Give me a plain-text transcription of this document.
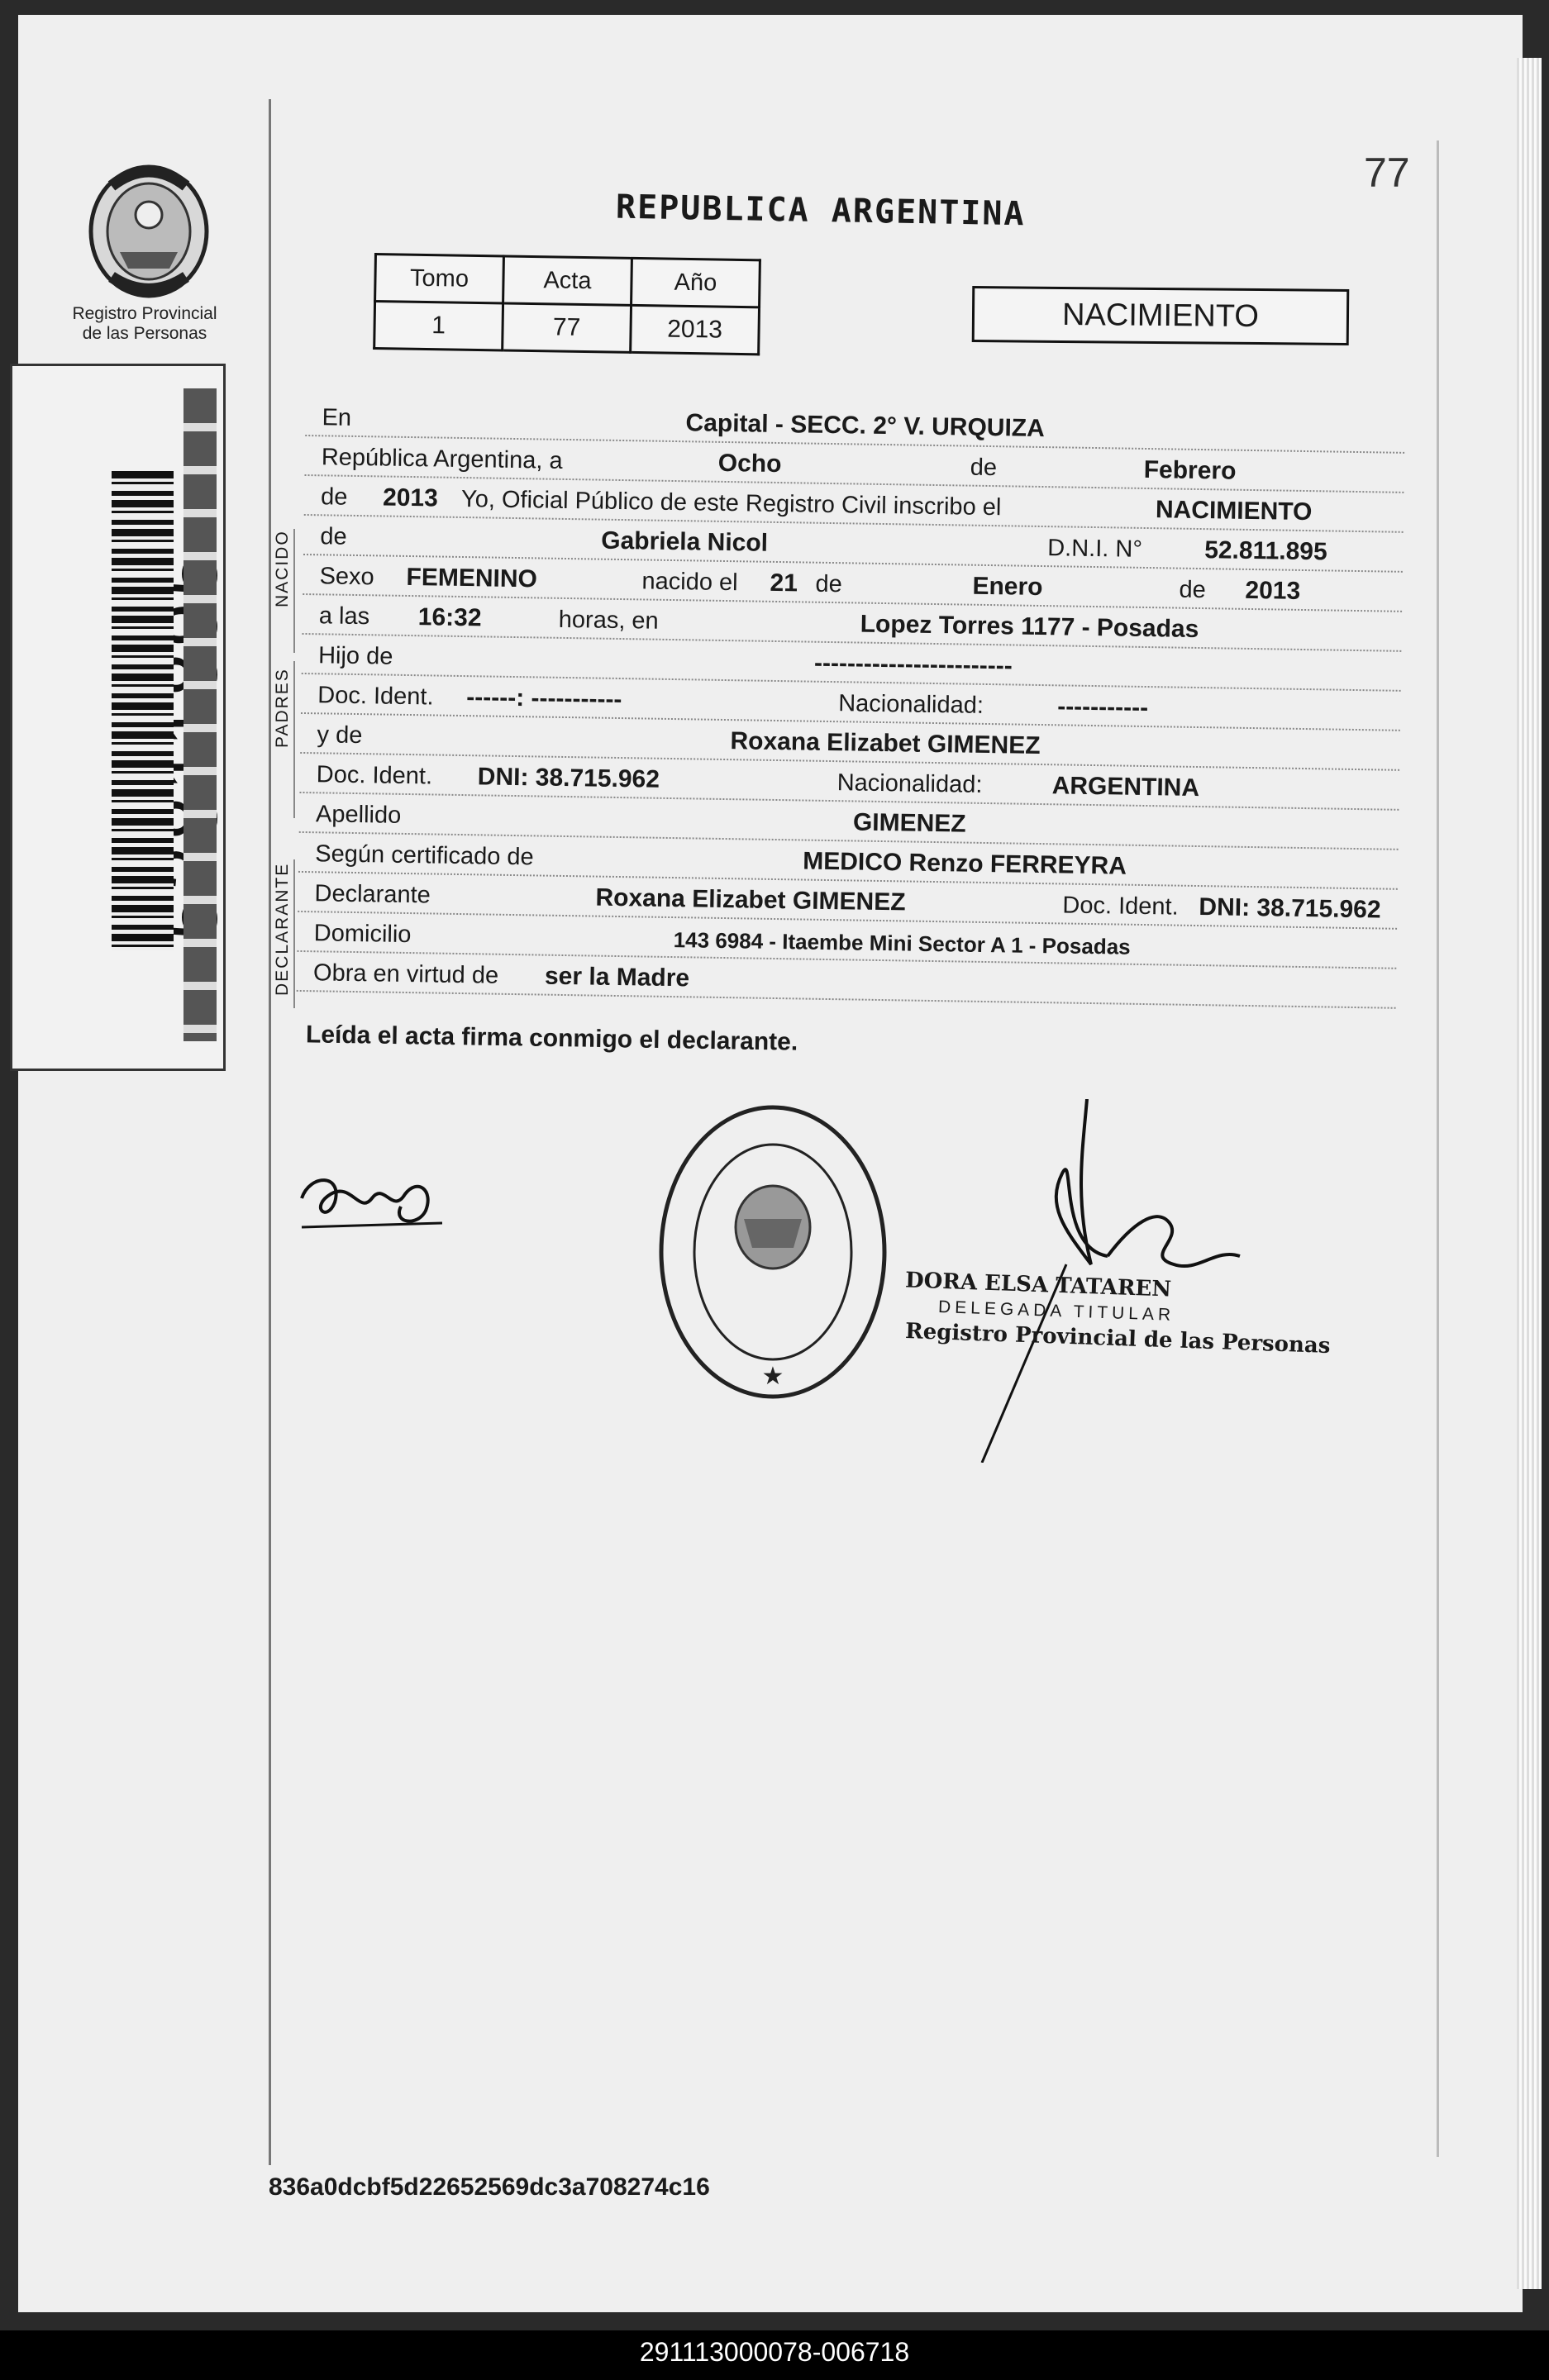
77
REPUBLICA ARGENTINA
Registro Provincial
de las Personas
Tomo	Acta	Año
1	77	2013	NACIMIENTO
En	Capital - SECC. 2° V. URQUIZA
República Argentina, a	Ocho	de	Febrero
de 2013 Yo, Oficial Público de este Registro Civil inscribo el	NACIMIENTO
de	Gabriela Nicol	D.N.I. N° 52.811.895
Sexo FEMENINO	nacido el 21 de	Enero	de 2013
a las 16:32	horas, en	Lopez Torres 1177 - Posadas
Hijo de	------------------------
Doc. Ident. ------: -----------	Nacionalidad:	-----------
y de	Roxana Elizabet GIMENEZ
Doc. Ident. DNI: 38.715.962	Nacionalidad:	ARGENTINA
Apellido	GIMENEZ
Según certificado de	MEDICO Renzo FERREYRA
Declarante	Roxana Elizabet GIMENEZ	Doc. Ident. DNI: 38.715.962
Domicilio	143 6984 - Itaembe Mini Sector A 1 - Posadas
Obra en virtud de ser la Madre
NACIDO
PADRES
DECLARANTE
Leída el acta firma conmigo el declarante.
★
DORA ELSA TATAREN
DELEGADA TITULAR
Registro Provincial de las Personas
836a0dcbf5d22652569dc3a708274c16
291113000078-006718
